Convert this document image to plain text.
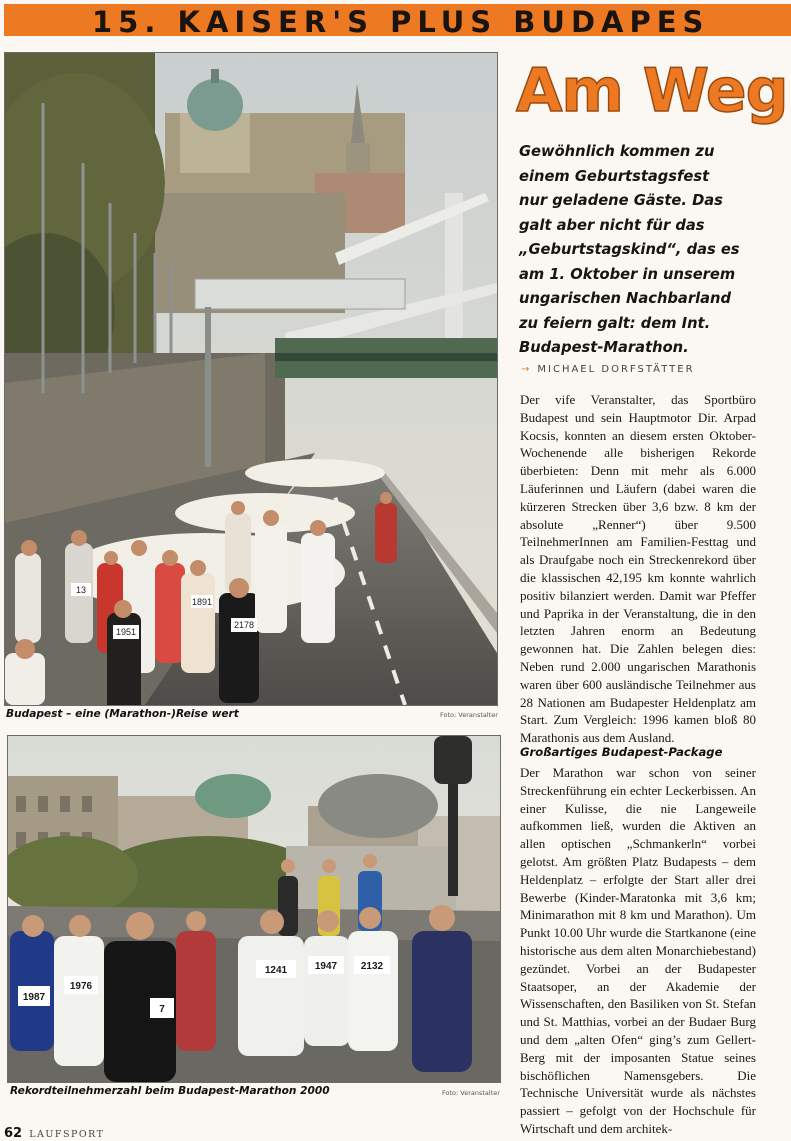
15. KAISER'S PLUS BUDAPES
1951
1891
13
2178
Budapest – eine (Marathon-)Reise wert	Foto: Veranstalter
1987
1976
1241	1947 2132
7
Rekordteilnehmerzahl beim Budapest-Marathon 2000	Foto: Veranstalter
Am Weg
Gewöhnlich kommen zu
einem Geburtstagsfest
nur geladene Gäste. Das
galt aber nicht für das
„Geburtstagskind“, das es
am 1. Oktober in unserem
ungarischen Nachbarland
zu feiern galt: dem Int.
Budapest-Marathon.
→ MICHAEL DORFSTÄTTER

Der vife Veranstalter, das Sportbüro Budapest und sein Hauptmotor Dir. Arpad Kocsis, konnten an diesem ersten Oktober-Wochenende alle bisherigen Rekorde überbieten: Denn mit mehr als 6.000 Läuferinnen und Läufern (dabei waren die kürzeren Strecken über 3,6 bzw. 8 km der absolute „Renner“) über 9.500 TeilnehmerInnen am Familien-Festtag und als Draufgabe noch ein Streckenrekord über die klassischen 42,195 km konnte wahrlich positiv bilanziert werden. Damit war Pfeffer und Paprika in der Veranstaltung, die in den letzten Jahren enorm an Bedeutung gewonnen hat. Die Zahlen belegen dies: Neben rund 2.000 ungarischen Marathonis waren über 600 ausländische Teilnehmer aus 28 Nationen am Budapester Heldenplatz am Start. Zum Vergleich: 1996 kamen bloß 80 Marathonis aus dem Ausland.

Großartiges Budapest-Package

Der Marathon war schon von seiner Streckenführung ein echter Leckerbissen. An einer Kulisse, die nie Langeweile aufkommen ließ, wurden die Aktiven an allen optischen „Schmankerln“ vorbei gelotst. Am größten Platz Budapests – dem Heldenplatz – erfolgte der Start aller drei Bewerbe (Kinder-Maratonka mit 3,6 km; Minimarathon mit 8 km und Marathon). Um Punkt 10.00 Uhr wurde die Startkanone (eine historische aus dem alten Monarchiebestand) gezündet. Vorbei an der Budapester Staatsoper, an der Akademie der Wissenschaften, den Basiliken von St. Stefan und St. Matthias, vorbei an der Budaer Burg und dem „alten Ofen“ ging’s zum Gellert-Berg mit der imposanten Statue seines bischöflichen Namensgebers. Die Technische Universität wurde als nächstes passiert – gefolgt von der Hochschule für Wirtschaft und dem architek-

62 LAUFSPORT
